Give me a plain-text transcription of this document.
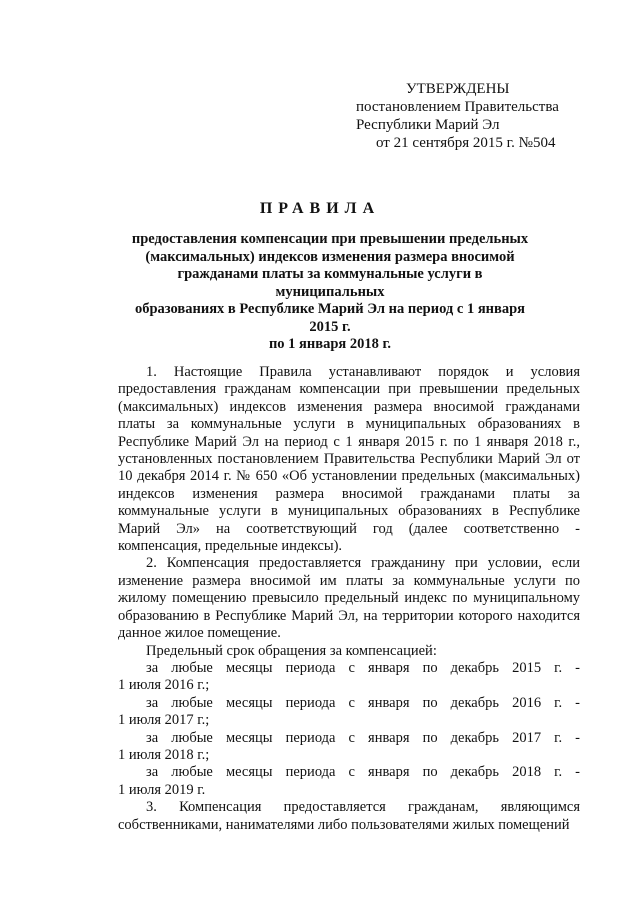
УТВЕРЖДЕНЫ
постановлением Правительства
Республики Марий Эл
от 21 сентября 2015 г. №504
ПРАВИЛА
предоставления компенсации при превышении предельных
(максимальных) индексов изменения размера вносимой
гражданами платы за коммунальные услуги в муниципальных
образованиях в Республике Марий Эл на период с 1 января 2015 г.
по 1 января 2018 г.
1. Настоящие Правила устанавливают порядок и условия предоставления гражданам компенсации при превышении предельных (максимальных) индексов изменения размера вносимой гражданами платы за коммунальные услуги в муниципальных образованиях в Республике Марий Эл на период с 1 января 2015 г. по 1 января 2018 г., установленных постановлением Правительства Республики Марий Эл от 10 декабря 2014 г. № 650 «Об установлении предельных (максимальных) индексов изменения размера вносимой гражданами платы за коммунальные услуги в муниципальных образованиях в Республике Марий Эл» на соответствующий год (далее соответственно - компенсация, предельные индексы).
2. Компенсация предоставляется гражданину при условии, если изменение размера вносимой им платы за коммунальные услуги по жилому помещению превысило предельный индекс по муниципальному образованию в Республике Марий Эл, на территории которого находится данное жилое помещение.
Предельный срок обращения за компенсацией:
за любые месяцы периода с января по декабрь 2015 г. -
1 июля 2016 г.;
за любые месяцы периода с января по декабрь 2016 г. -
1 июля 2017 г.;
за любые месяцы периода с января по декабрь 2017 г. -
1 июля 2018 г.;
за любые месяцы периода с января по декабрь 2018 г. -
1 июля 2019 г.
3. Компенсация предоставляется гражданам, являющимся собственниками, нанимателями либо пользователями жилых помещений
